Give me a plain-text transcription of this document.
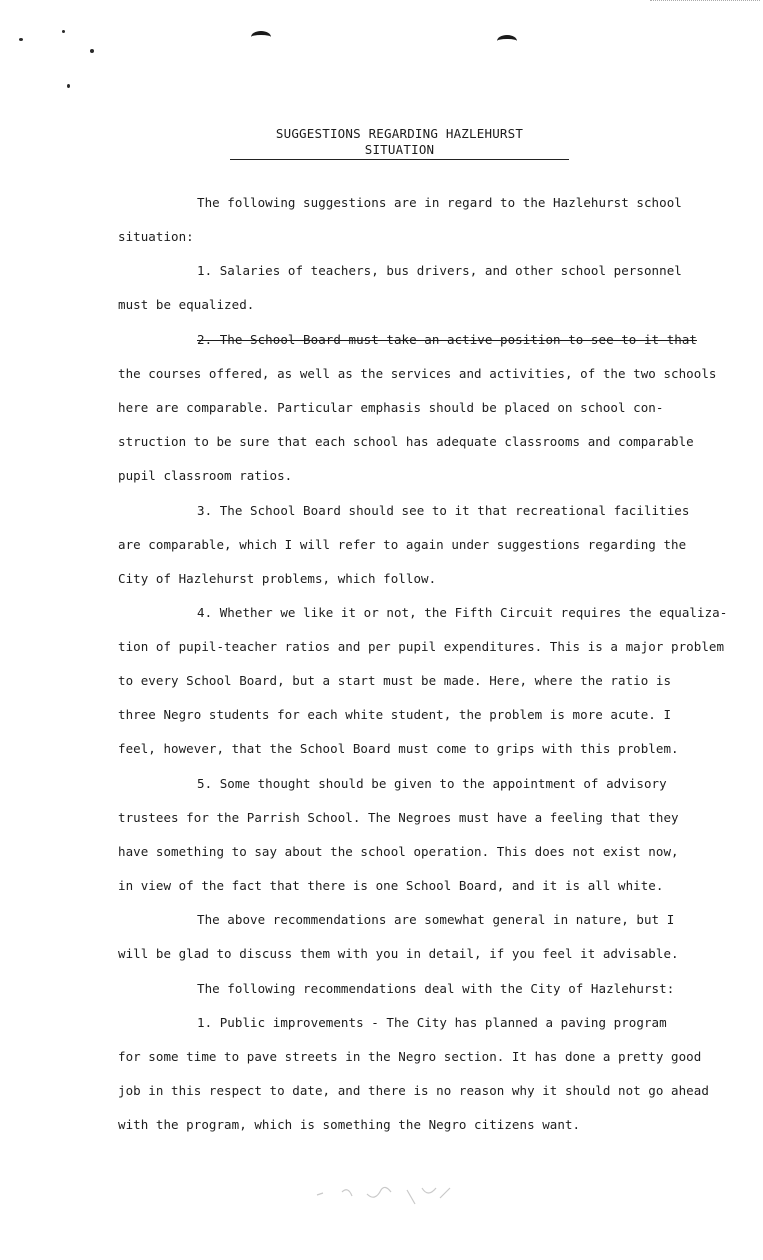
SUGGESTIONS REGARDING HAZLEHURST
SITUATION
The following suggestions are in regard to the Hazlehurst school
situation:
1. Salaries of teachers, bus drivers, and other school personnel
must be equalized.
2. The School Board must take an active position to see to it that
the courses offered, as well as the services and activities, of the two schools
here are comparable. Particular emphasis should be placed on school con-
struction to be sure that each school has adequate classrooms and comparable
pupil classroom ratios.
3. The School Board should see to it that recreational facilities
are comparable, which I will refer to again under suggestions regarding the
City of Hazlehurst problems, which follow.
4. Whether we like it or not, the Fifth Circuit requires the equaliza-
tion of pupil-teacher ratios and per pupil expenditures. This is a major problem
to every School Board, but a start must be made. Here, where the ratio is
three Negro students for each white student, the problem is more acute. I
feel, however, that the School Board must come to grips with this problem.
5. Some thought should be given to the appointment of advisory
trustees for the Parrish School. The Negroes must have a feeling that they
have something to say about the school operation. This does not exist now,
in view of the fact that there is one School Board, and it is all white.
The above recommendations are somewhat general in nature, but I
will be glad to discuss them with you in detail, if you feel it advisable.
The following recommendations deal with the City of Hazlehurst:
1. Public improvements - The City has planned a paving program
for some time to pave streets in the Negro section. It has done a pretty good
job in this respect to date, and there is no reason why it should not go ahead
with the program, which is something the Negro citizens want.
